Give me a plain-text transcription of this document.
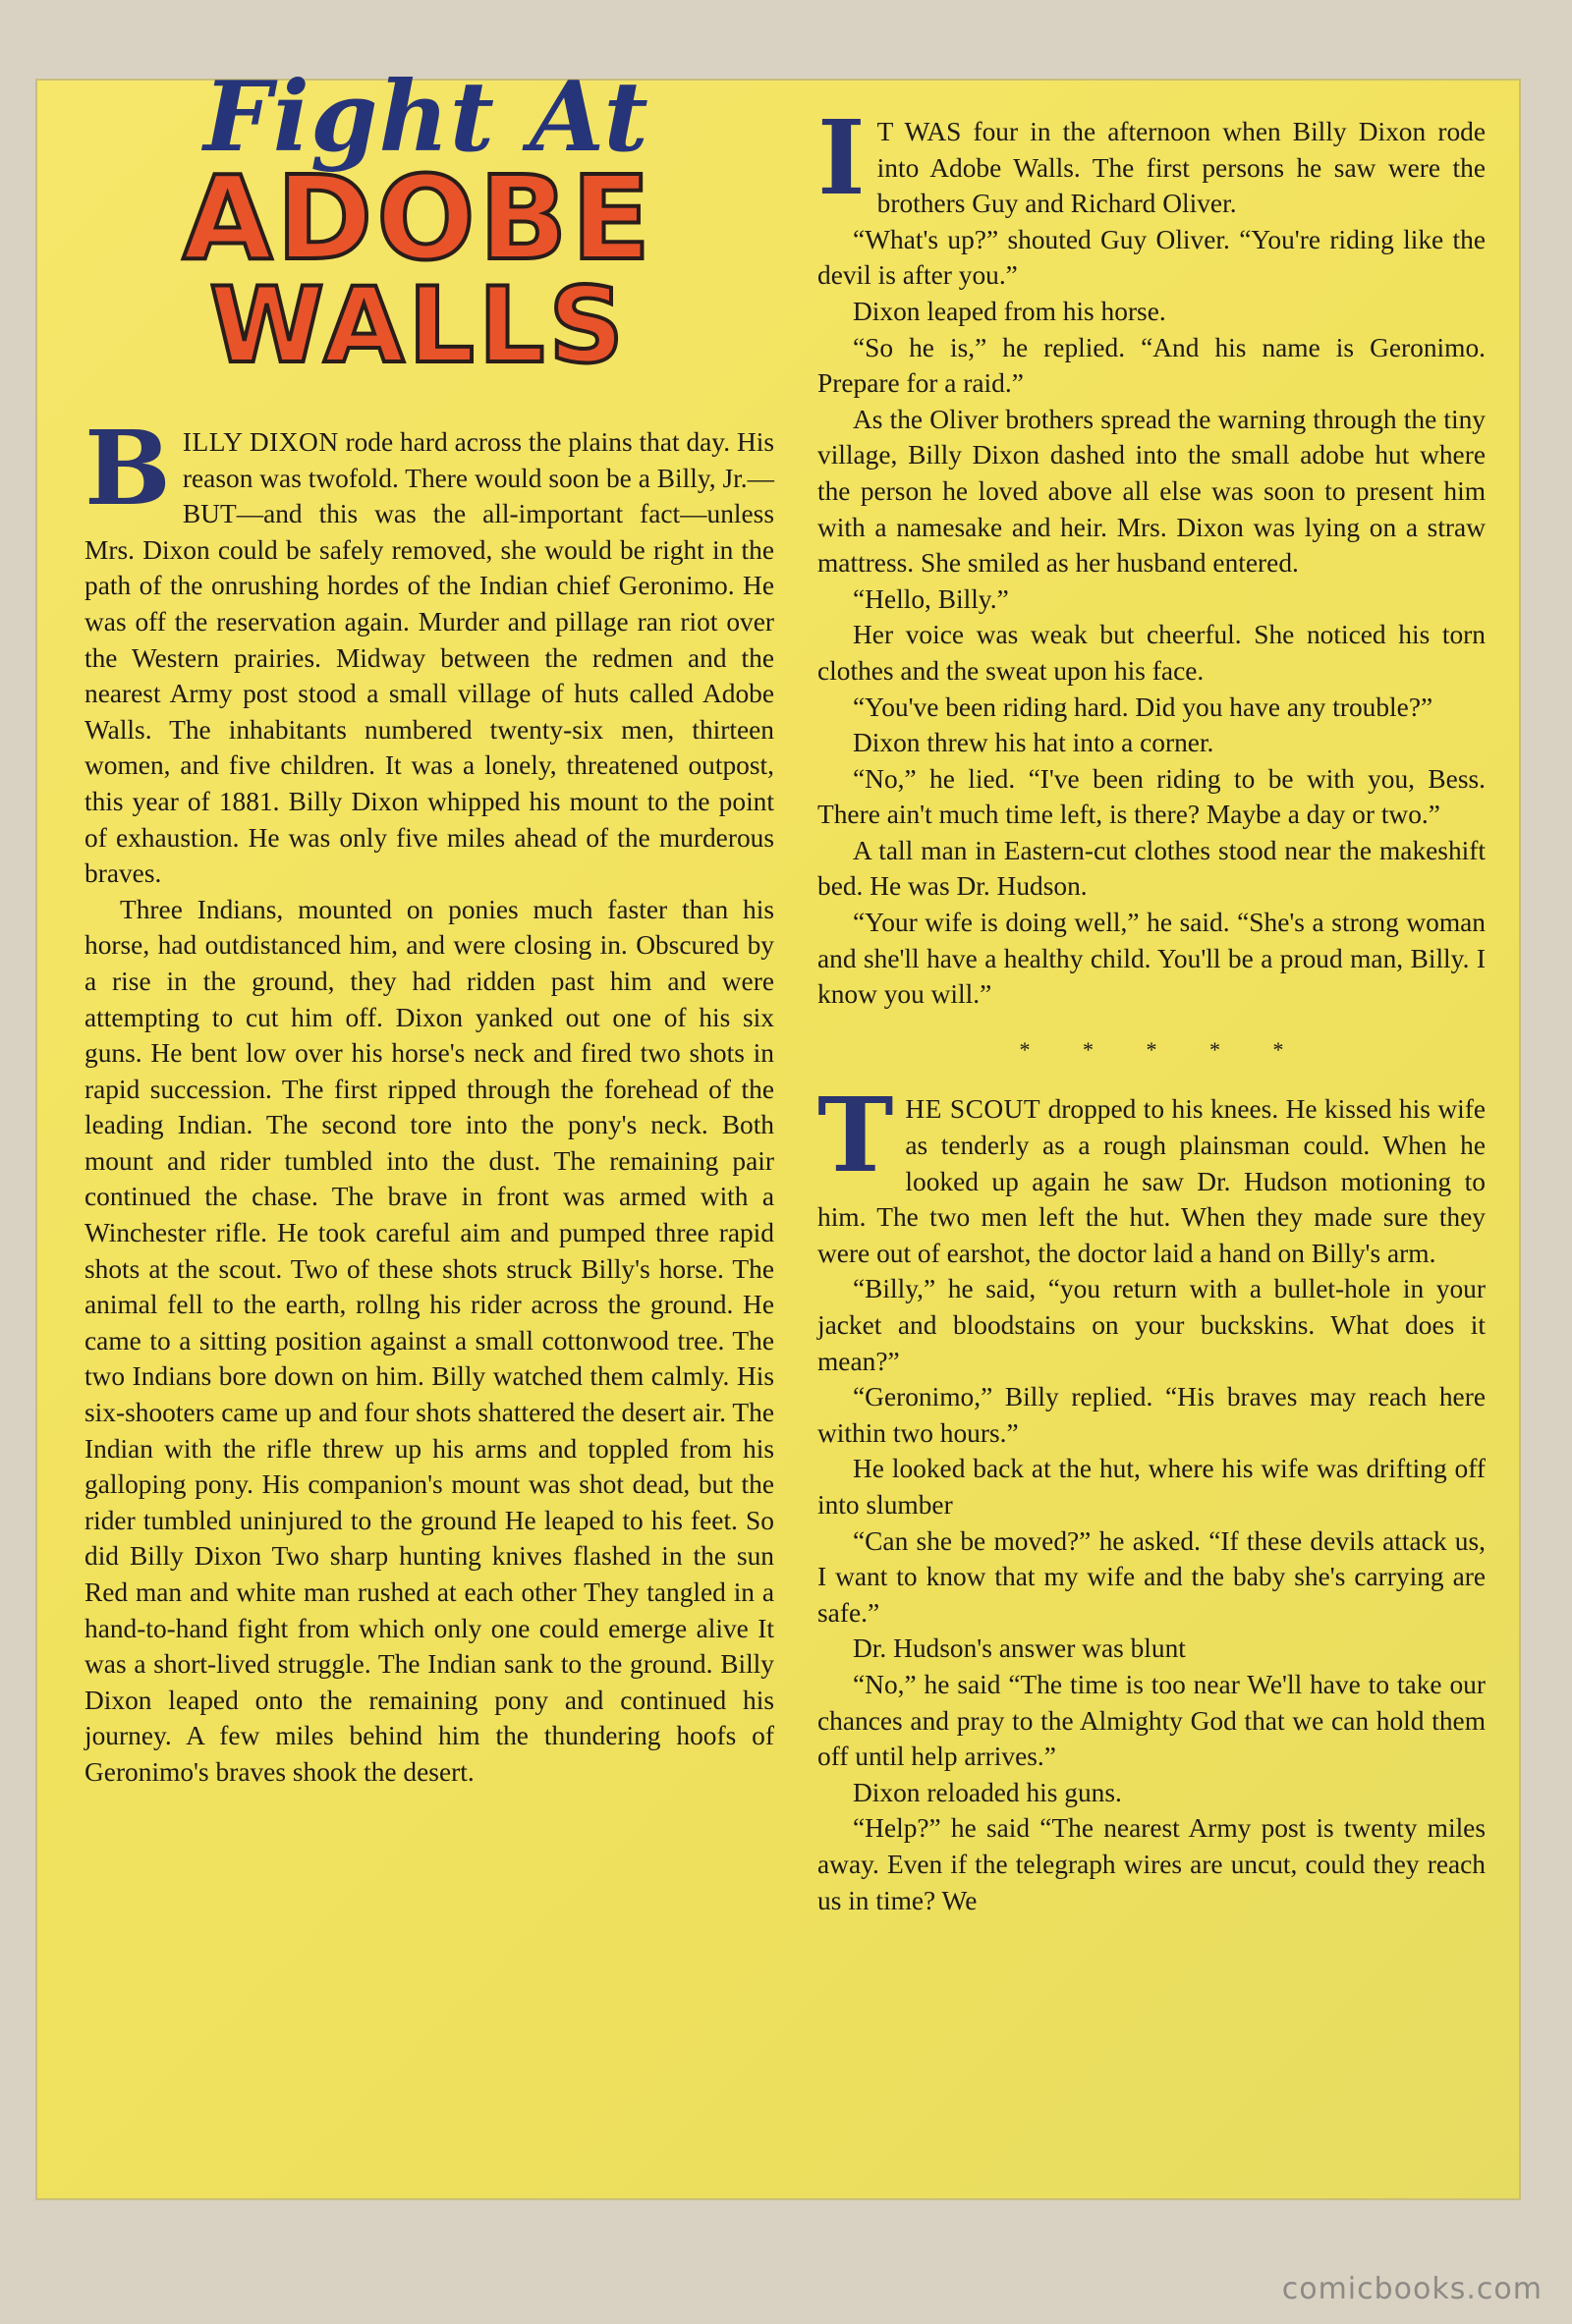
Fight At
ADOBE
WALLS

BILLY DIXON rode hard across the plains that day. His reason was twofold. There would soon be a Billy, Jr.—BUT—and this was the all-important fact—unless Mrs. Dixon could be safely removed, she would be right in the path of the onrushing hordes of the Indian chief Geronimo. He was off the reservation again. Murder and pillage ran riot over the Western prairies. Midway between the redmen and the nearest Army post stood a small village of huts called Adobe Walls. The inhabitants numbered twenty-six men, thirteen women, and five children. It was a lonely, threatened outpost, this year of 1881. Billy Dixon whipped his mount to the point of exhaustion. He was only five miles ahead of the murderous braves.

Three Indians, mounted on ponies much faster than his horse, had outdistanced him, and were closing in. Obscured by a rise in the ground, they had ridden past him and were attempting to cut him off. Dixon yanked out one of his six guns. He bent low over his horse's neck and fired two shots in rapid succession. The first ripped through the forehead of the leading Indian. The second tore into the pony's neck. Both mount and rider tumbled into the dust. The remaining pair continued the chase. The brave in front was armed with a Winchester rifle. He took careful aim and pumped three rapid shots at the scout. Two of these shots struck Billy's horse. The animal fell to the earth, rollng his rider across the ground. He came to a sitting position against a small cottonwood tree. The two Indians bore down on him. Billy watched them calmly. His six-shooters came up and four shots shattered the desert air. The Indian with the rifle threw up his arms and toppled from his galloping pony. His companion's mount was shot dead, but the rider tumbled uninjured to the ground He leaped to his feet. So did Billy Dixon Two sharp hunting knives flashed in the sun Red man and white man rushed at each other They tangled in a hand-to-hand fight from which only one could emerge alive It was a short-lived struggle. The Indian sank to the ground. Billy Dixon leaped onto the remaining pony and continued his journey. A few miles behind him the thundering hoofs of Geronimo's braves shook the desert.

I T WAS four in the afternoon when Billy Dixon rode into Adobe Walls. The first persons he saw were the brothers Guy and Richard Oliver.

“What's up?” shouted Guy Oliver. “You're riding like the devil is after you.”

Dixon leaped from his horse.

“So he is,” he replied. “And his name is Geronimo. Prepare for a raid.”

As the Oliver brothers spread the warning through the tiny village, Billy Dixon dashed into the small adobe hut where the person he loved above all else was soon to present him with a namesake and heir. Mrs. Dixon was lying on a straw mattress. She smiled as her husband entered.

“Hello, Billy.”

Her voice was weak but cheerful. She noticed his torn clothes and the sweat upon his face.

“You've been riding hard. Did you have any trouble?”

Dixon threw his hat into a corner.

“No,” he lied. “I've been riding to be with you, Bess. There ain't much time left, is there? Maybe a day or two.”

A tall man in Eastern-cut clothes stood near the makeshift bed. He was Dr. Hudson.

“Your wife is doing well,” he said. “She's a strong woman and she'll have a healthy child. You'll be a proud man, Billy. I know you will.”

* * * * *

THE SCOUT dropped to his knees. He kissed his wife as tenderly as a rough plainsman could. When he looked up again he saw Dr. Hudson motioning to him. The two men left the hut. When they made sure they were out of earshot, the doctor laid a hand on Billy's arm.

“Billy,” he said, “you return with a bullet-hole in your jacket and bloodstains on your buckskins. What does it mean?”

“Geronimo,” Billy replied. “His braves may reach here within two hours.”

He looked back at the hut, where his wife was drifting off into slumber

“Can she be moved?” he asked. “If these devils attack us, I want to know that my wife and the baby she's carrying are safe.”

Dr. Hudson's answer was blunt

“No,” he said “The time is too near We'll have to take our chances and pray to the Almighty God that we can hold them off until help arrives.”

Dixon reloaded his guns.

“Help?” he said “The nearest Army post is twenty miles away. Even if the telegraph wires are uncut, could they reach us in time? We

comicbooks.com
